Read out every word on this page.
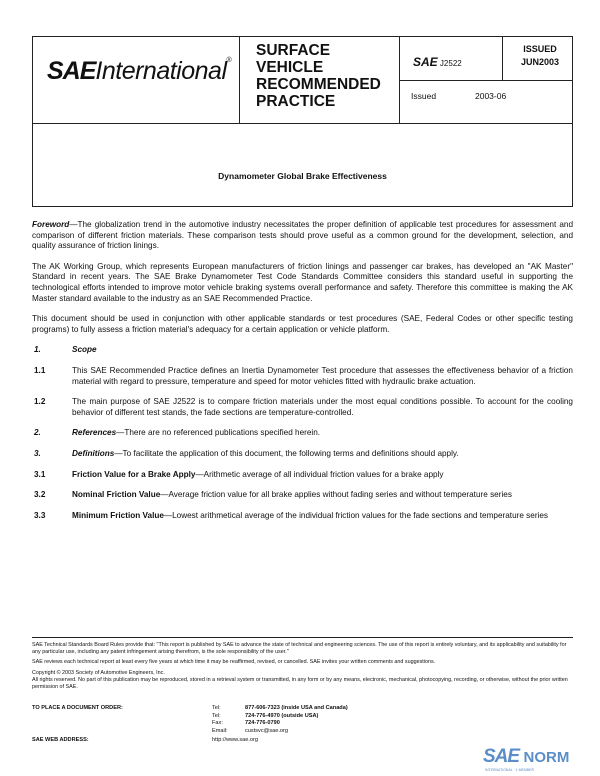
SAEInternational®
SURFACE
VEHICLE
RECOMMENDED
PRACTICE
SAE J2522
Issued	2003-06
ISSUED
JUN2003
Dynamometer Global Brake Effectiveness

Foreword—The globalization trend in the automotive industry necessitates the proper definition of applicable test procedures for assessment and comparison of different friction materials. These comparison tests should prove useful as a common ground for the development, selection, and quality assurance of friction linings.

The AK Working Group, which represents European manufacturers of friction linings and passenger car brakes, has developed an "AK Master" Standard in recent years. The SAE Brake Dynamometer Test Code Standards Committee considers this standard useful in supporting the technological efforts intended to improve motor vehicle braking systems overall performance and safety. Therefore this committee is making the AK Master standard available to the industry as an SAE Recommended Practice.

This document should be used in conjunction with other applicable standards or test procedures (SAE, Federal Codes or other specific testing programs) to fully assess a friction material's adequacy for a certain application or vehicle platform.

1.	Scope
1.1	This SAE Recommended Practice defines an Inertia Dynamometer Test procedure that assesses the effectiveness behavior of a friction material with regard to pressure, temperature and speed for motor vehicles fitted with hydraulic brake actuation.
1.2	The main purpose of SAE J2522 is to compare friction materials under the most equal conditions possible. To account for the cooling behavior of different test stands, the fade sections are temperature-controlled.
2.	References—There are no referenced publications specified herein.
3.	Definitions—To facilitate the application of this document, the following terms and definitions should apply.
3.1	Friction Value for a Brake Apply—Arithmetic average of all individual friction values for a brake apply
3.2	Nominal Friction Value—Average friction value for all brake applies without fading series and without temperature series
3.3	Minimum Friction Value—Lowest arithmetical average of the individual friction values for the fade sections and temperature series

SAE Technical Standards Board Rules provide that: "This report is published by SAE to advance the state of technical and engineering sciences. The use of this report is entirely voluntary, and its applicability and suitability for any particular use, including any patent infringement arising therefrom, is the sole responsibility of the user."

SAE reviews each technical report at least every five years at which time it may be reaffirmed, revised, or cancelled. SAE invites your written comments and suggestions.

Copyright © 2003 Society of Automotive Engineers, Inc.

All rights reserved. No part of this publication may be reproduced, stored in a retrieval system or transmitted, in any form or by any means, electronic, mechanical, photocopying, recording, or otherwise, without the prior written permission of SAE.

TO PLACE A DOCUMENT ORDER:	Tel:	877-606-7323 (inside USA and Canada)
Tel:	724-776-4970 (outside USA)
Fax:	724-776-0790
Email:	custsvc@sae.org
SAE WEB ADDRESS:	http://www.sae.org
SAE NORM
INTERNATIONAL · 1 MEMBER
